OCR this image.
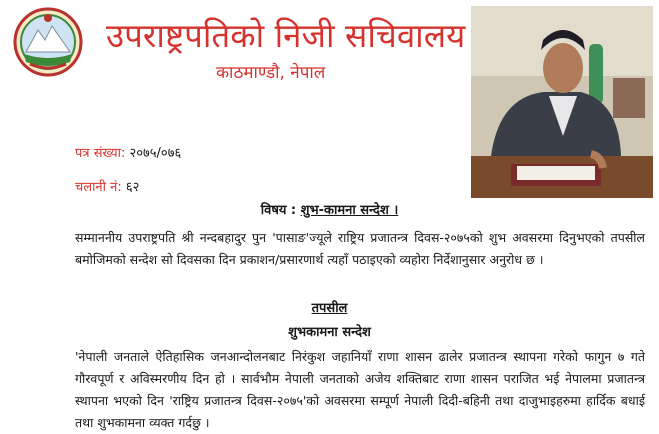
उपराष्ट्रपतिको निजी सचिवालय
काठमाण्डौ, नेपाल
पत्र संख्या: २०७५/०७६
चलानी नं: ६२
विषय : शुभ-कामना सन्देश ।
सम्माननीय उपराष्ट्रपति श्री नन्दबहादुर पुन 'पासाङ'ज्यूले राष्ट्रिय प्रजातन्त्र दिवस-२०७५को शुभ अवसरमा दिनुभएको तपसील बमोजिमको सन्देश सो दिवसका दिन प्रकाशन/प्रसारणार्थ त्यहाँ पठाइएको व्यहोरा निर्देशानुसार अनुरोध छ ।
तपसील
शुभकामना सन्देश
'नेपाली जनताले ऐतिहासिक जनआन्दोलनबाट निरंकुश जहानियाँ राणा शासन ढालेर प्रजातन्त्र स्थापना गरेको फागुन ७ गते गौरवपूर्ण र अविस्मरणीय दिन हो । सार्वभौम नेपाली जनताको अजेय शक्तिबाट राणा शासन पराजित भई नेपालमा प्रजातन्त्र स्थापना भएको दिन 'राष्ट्रिय प्रजातन्त्र दिवस-२०७५'को अवसरमा सम्पूर्ण नेपाली दिदी-बहिनी तथा दाजुभाइहरुमा हार्दिक बधाई तथा शुभकामना व्यक्त गर्दछु ।
